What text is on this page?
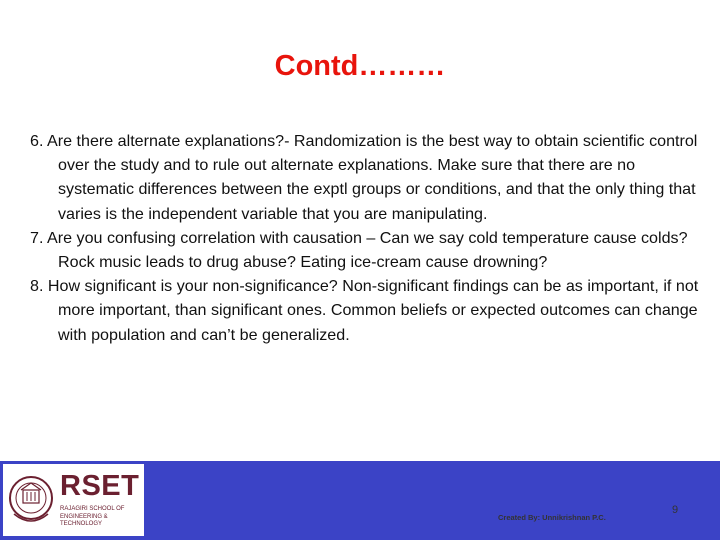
Contd………
6. Are there alternate explanations?- Randomization is the best way to obtain scientific control over the study and to rule out alternate explanations. Make sure that there are no systematic differences between the exptl groups or conditions, and that the only thing that varies is the independent variable that you are manipulating.
7. Are you confusing correlation with causation – Can we say cold temperature cause colds? Rock music leads to drug abuse? Eating ice-cream cause drowning?
8. How significant is your non-significance? Non-significant findings can be as important, if not more important, than significant ones. Common beliefs or expected outcomes can change with population and can’t be generalized.
RSET
RAJAGIRI SCHOOL OF ENGINEERING & TECHNOLOGY
Created By: Unnikrishnan P.C.
9
